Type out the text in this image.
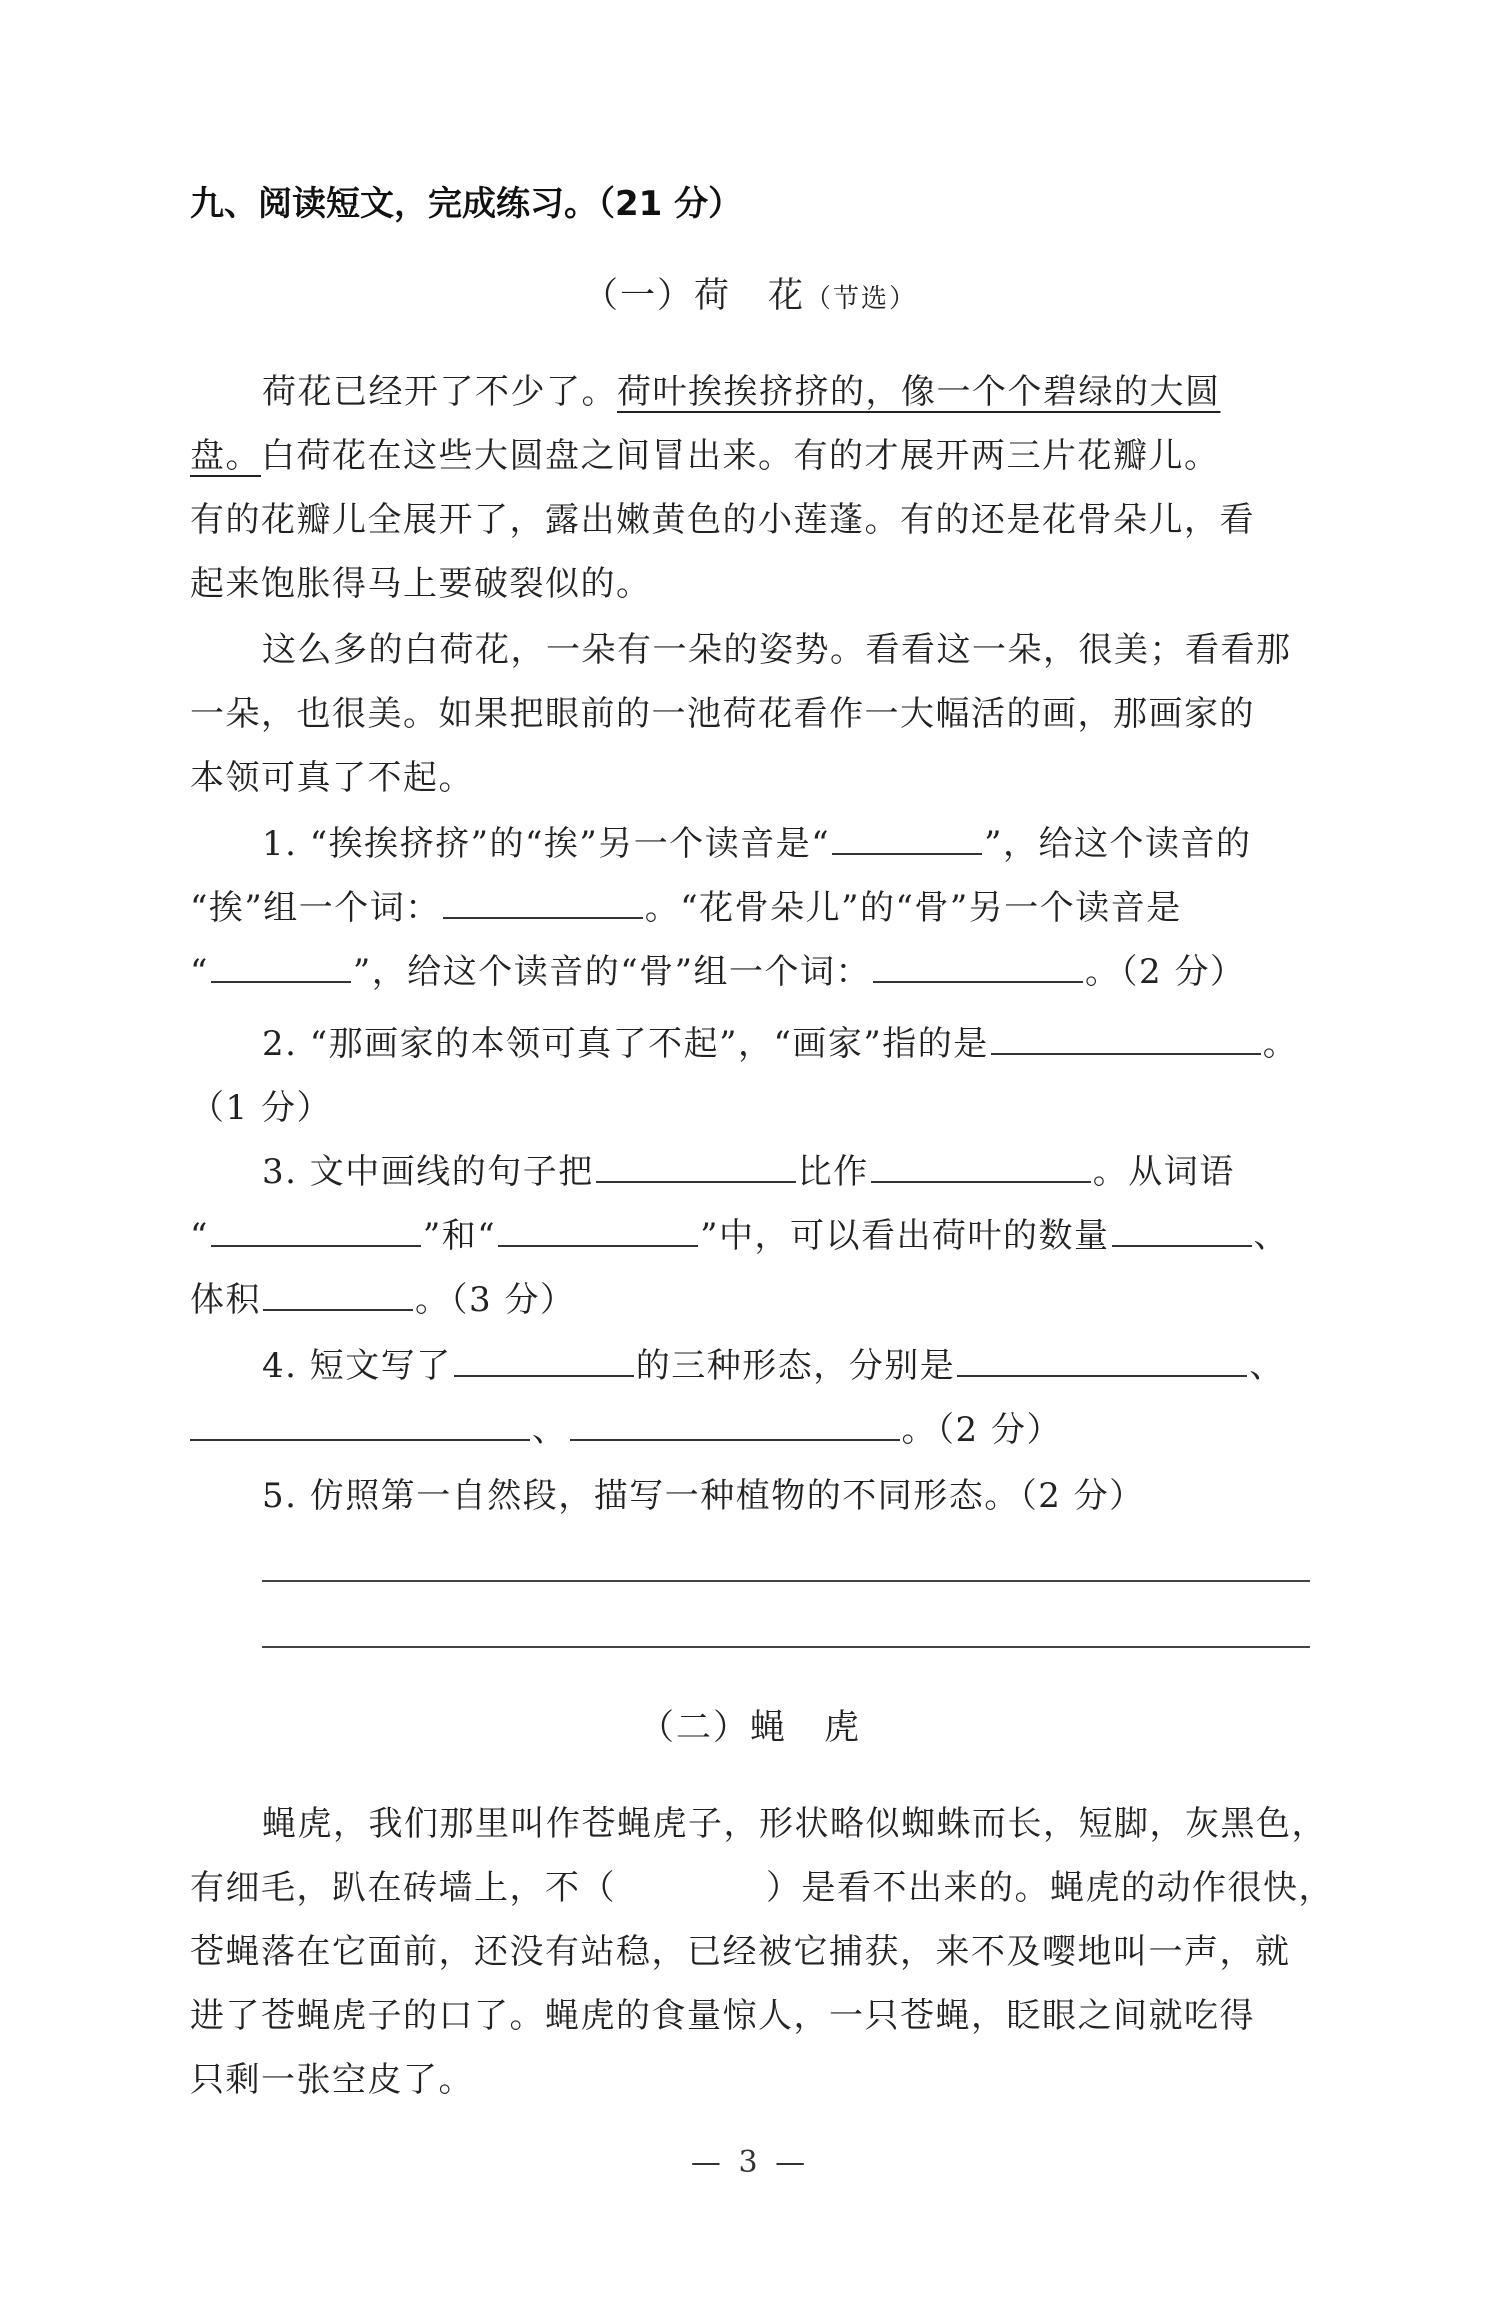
九、阅读短文，完成练习。（21 分）
（一）荷　花（节选）
荷花已经开了不少了。荷叶挨挨挤挤的，像一个个碧绿的大圆
盘。白荷花在这些大圆盘之间冒出来。有的才展开两三片花瓣儿。
有的花瓣儿全展开了，露出嫩黄色的小莲蓬。有的还是花骨朵儿，看
起来饱胀得马上要破裂似的。
这么多的白荷花，一朵有一朵的姿势。看看这一朵，很美；看看那
一朵，也很美。如果把眼前的一池荷花看作一大幅活的画，那画家的
本领可真了不起。
1. “挨挨挤挤”的“挨”另一个读音是“	”，给这个读音的
“挨”组一个词：	。“花骨朵儿”的“骨”另一个读音是
“	”，给这个读音的“骨”组一个词：	。（2 分）
2. “那画家的本领可真了不起”，“画家”指的是	。
（1 分）
3. 文中画线的句子把	比作	。从词语
“	”和“	”中，可以看出荷叶的数量	、
体积	。（3 分）
4. 短文写了	的三种形态，分别是	、
、	。（2 分）
5. 仿照第一自然段，描写一种植物的不同形态。（2 分）
（二）蝇　虎
蝇虎，我们那里叫作苍蝇虎子，形状略似蜘蛛而长，短脚，灰黑色，
有细毛，趴在砖墙上，不（	）是看不出来的。蝇虎的动作很快，
苍蝇落在它面前，还没有站稳，已经被它捕获，来不及嘤地叫一声，就
进了苍蝇虎子的口了。蝇虎的食量惊人，一只苍蝇，眨眼之间就吃得
只剩一张空皮了。
— 3 —
